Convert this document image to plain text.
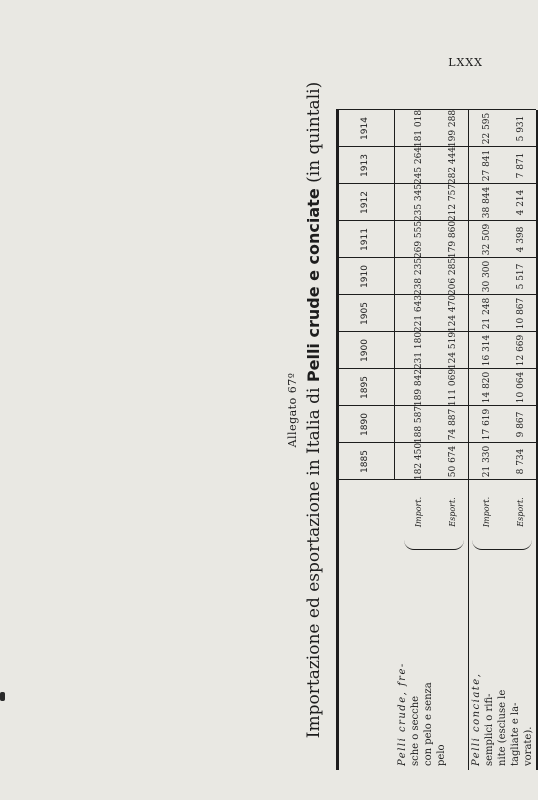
LXXX
Allegato 67º Importazione ed esportazione in Italia di Pelli crude e conciate (in quintali)
Pelli crude, fre- sche o secche con pelo e senza pelo
Import.	Esport.
1885
1890
1895
1900
1905
1910
1911
1912
1913
1914
182 450
188 587
189 842
231 180
221 643
238 235
269 555
235 345
245 264
181 018
50 674
74 887
111 069
124 519
124 470
206 285
179 860
212 757
282 444
199 288
21 330
17 619
14 820
16 314
21 248
30 300
32 509
38 844
27 841
22 595
8 734
9 867
10 064
12 669
10 867
5 517
4 398
4 214
7 871
5 931
Pelli conciate, semplici o rifi- nite (escluse le tagliate e la- vorate).
Import.	Esport.
